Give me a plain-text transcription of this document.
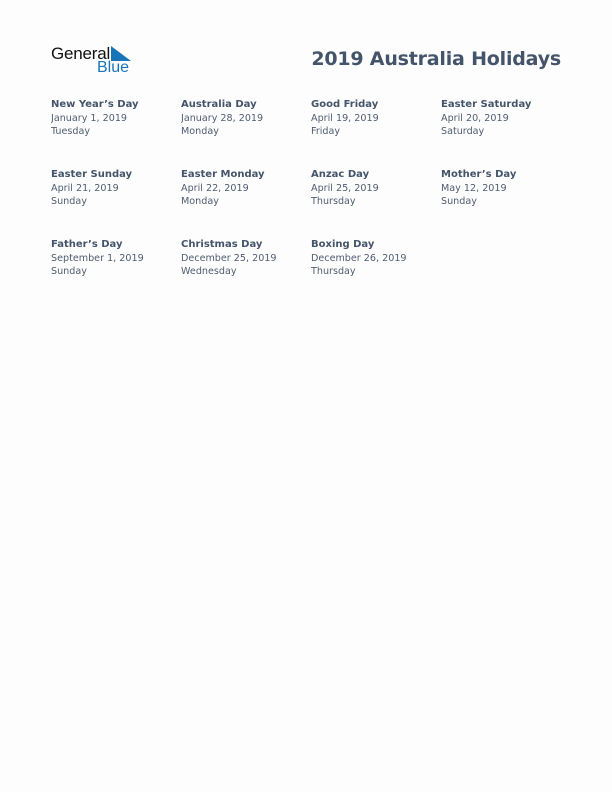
General
Blue	2019 Australia Holidays
New Year’s Day
January 1, 2019
Tuesday
Australia Day
January 28, 2019
Monday
Good Friday
April 19, 2019
Friday
Easter Saturday
April 20, 2019
Saturday
Easter Sunday
April 21, 2019
Sunday
Easter Monday
April 22, 2019
Monday
Anzac Day
April 25, 2019
Thursday
Mother’s Day
May 12, 2019
Sunday
Father’s Day
September 1, 2019
Sunday
Christmas Day
December 25, 2019
Wednesday
Boxing Day
December 26, 2019
Thursday
